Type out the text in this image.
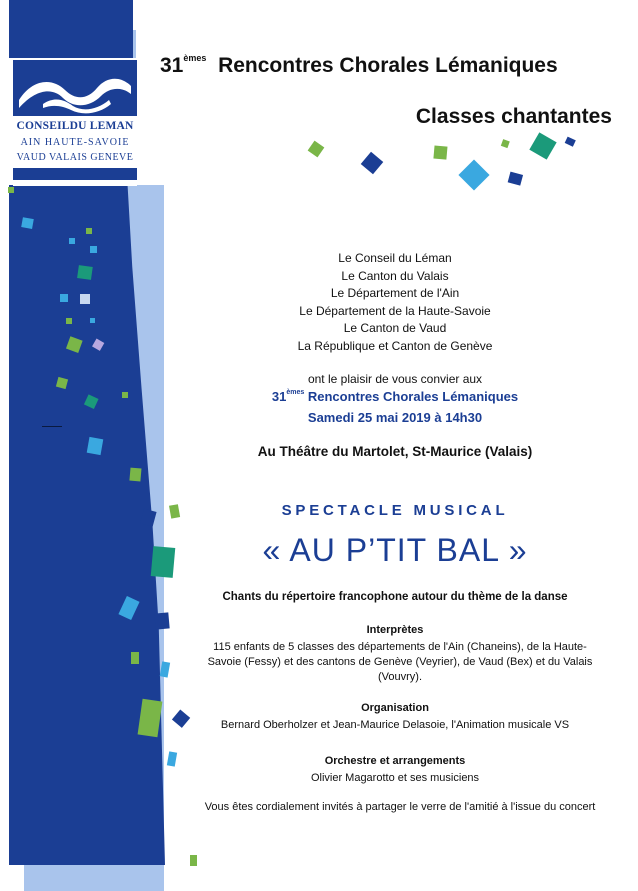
CONSEILDU LEMAN
AIN HAUTE-SAVOIE
VAUD VALAIS GENEVE
31èmes Rencontres Chorales Lémaniques
Classes chantantes
Le Conseil du Léman
Le Canton du Valais
Le Département de l'Ain
Le Département de la Haute-Savoie
Le Canton de Vaud
La République et Canton de Genève
ont le plaisir de vous convier aux
31èmes Rencontres Chorales Lémaniques
Samedi 25 mai 2019 à 14h30
Au Théâtre du Martolet, St-Maurice (Valais)
SPECTACLE MUSICAL
« AU P’TIT BAL »
Chants du répertoire francophone autour du thème de la danse
Interprètes
115 enfants de 5 classes des départements de l'Ain (Chaneins), de la Haute-Savoie (Fessy) et des cantons de Genève (Veyrier), de Vaud (Bex) et du Valais (Vouvry).
Organisation
Bernard Oberholzer et Jean-Maurice Delasoie, l'Animation musicale VS
Orchestre et arrangements
Olivier Magarotto et ses musiciens
Vous êtes cordialement invités à partager le verre de l'amitié à l'issue du concert
